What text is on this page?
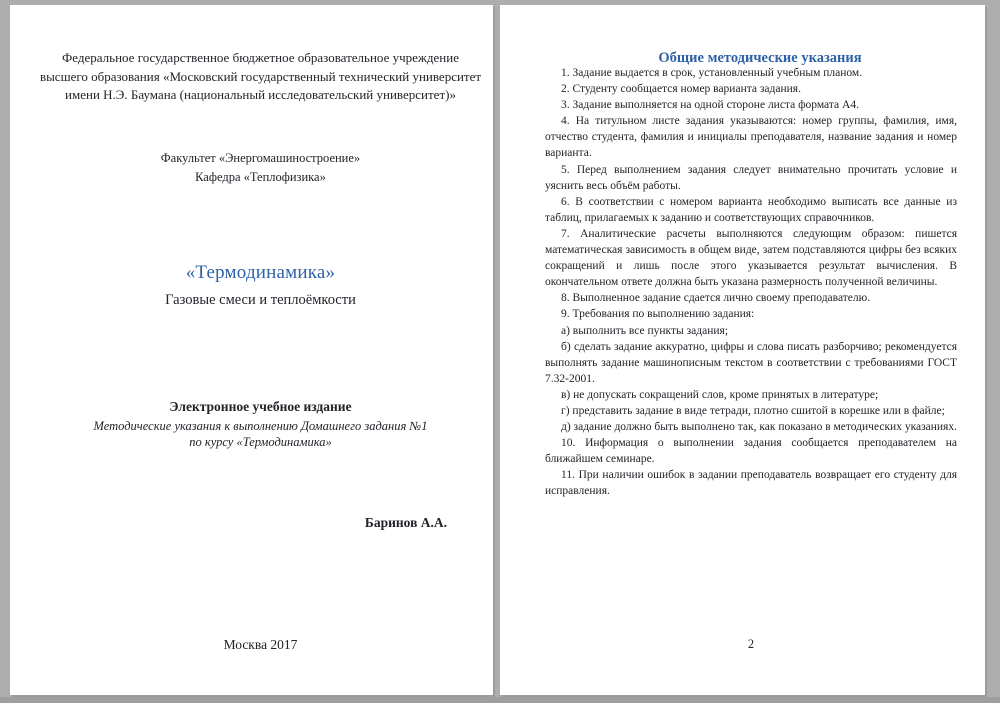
Федеральное государственное бюджетное образовательное учреждение
высшего образования «Московский государственный технический университет
имени Н.Э. Баумана (национальный исследовательский университет)»
Факультет «Энергомашиностроение»
Кафедра «Теплофизика»
«Термодинамика»
Газовые смеси и теплоёмкости
Электронное учебное издание
Методические указания к выполнению Домашнего задания №1
по курсу «Термодинамика»
Баринов А.А.
Москва 2017
Общие методические указания

1. Задание выдается в срок, установленный учебным планом.

2. Студенту сообщается номер варианта задания.

3. Задание выполняется на одной стороне листа формата А4.

4. На титульном листе задания указываются: номер группы, фамилия, имя, отчество студента, фамилия и инициалы преподавателя, название задания и номер варианта.

5. Перед выполнением задания следует внимательно прочитать условие и уяснить весь объём работы.

6. В соответствии с номером варианта необходимо выписать все данные из таблиц, прилагаемых к заданию и соответствующих справочников.

7. Аналитические расчеты выполняются следующим образом: пишется математическая зависимость в общем виде, затем подставляются цифры без всяких сокращений и лишь после этого указывается результат вычисления. В окончательном ответе должна быть указана размерность полученной величины.

8. Выполненное задание сдается лично своему преподавателю.

9. Требования по выполнению задания:

а) выполнить все пункты задания;

б) сделать задание аккуратно, цифры и слова писать разборчиво; рекомендуется выполнять задание машинописным текстом в соответствии с требованиями ГОСТ 7.32-2001.

в) не допускать сокращений слов, кроме принятых в литературе;

г) представить задание в виде тетради, плотно сшитой в корешке или в файле;

д) задание должно быть выполнено так, как показано в методических указаниях.

10. Информация о выполнении задания сообщается преподавателем на ближайшем семинаре.

11. При наличии ошибок в задании преподаватель возвращает его студенту для исправления.

2
